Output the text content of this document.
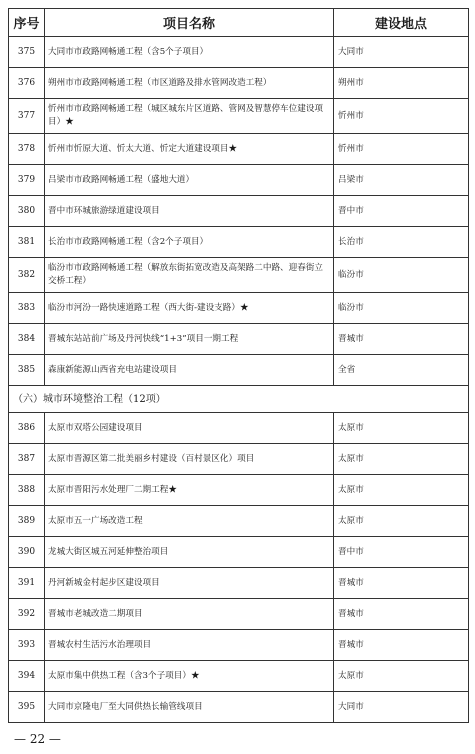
序号	项目名称	建设地点
375	大同市市政路网畅通工程（含5个子项目）	大同市
376	朔州市市政路网畅通工程（市区道路及排水管网改造工程）	朔州市
377	忻州市市政路网畅通工程（城区城东片区道路、管网及智慧停车位建设项目）★	忻州市
378	忻州市忻原大道、忻太大道、忻定大道建设项目★	忻州市
379	吕梁市市政路网畅通工程（盛地大道）	吕梁市
380	晋中市环城旅游绿道建设项目	晋中市
381	长治市市政路网畅通工程（含2个子项目）	长治市
382	临汾市市政路网畅通工程（解放东街拓宽改造及高架路二中路、迎春街立交桥工程）	临汾市
383	临汾市河汾一路快速道路工程（西大街-建设支路）★	临汾市
384	晋城东站站前广场及丹河快线“1+3”项目一期工程	晋城市
385	森康新能源山西省充电站建设项目	全省
（六）城市环境整治工程（12项）		
386	太原市双塔公园建设项目	太原市
387	太原市晋源区第二批美丽乡村建设（百村景区化）项目	太原市
388	太原市晋阳污水处理厂二期工程★	太原市
389	太原市五一广场改造工程	太原市
390	龙城大街区城五河延伸整治项目	晋中市
391	丹河新城金村起步区建设项目	晋城市
392	晋城市老城改造二期项目	晋城市
393	晋城农村生活污水治理项目	晋城市
394	太原市集中供热工程（含3个子项目）★	太原市
395	大同市京隆电厂至大同供热长输管线项目	大同市
— 22 —
